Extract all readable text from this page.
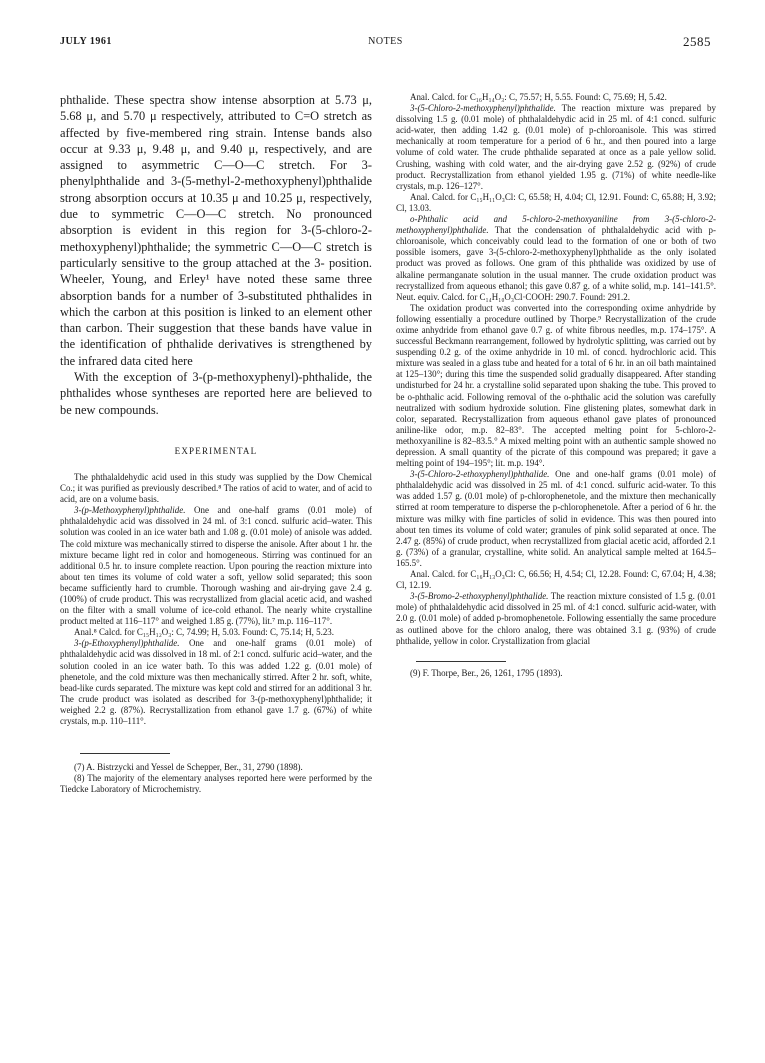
JULY 1961	NOTES	2585

phthalide. These spectra show intense absorption at 5.73 μ, 5.68 μ, and 5.70 μ respectively, attributed to C=O stretch as affected by five-membered ring strain. Intense bands also occur at 9.33 μ, 9.48 μ, and 9.40 μ, respectively, and are assigned to asymmetric C—O—C stretch. For 3-phenylphthalide and 3-(5-methyl-2-methoxyphenyl)phthalide strong absorption occurs at 10.35 μ and 10.25 μ, respectively, due to symmetric C—O—C stretch. No pronounced absorption is evident in this region for 3-(5-chloro-2-methoxyphenyl)phthalide; the symmetric C—O—C stretch is particularly sensitive to the group attached at the 3- position. Wheeler, Young, and Erley¹ have noted these same three absorption bands for a number of 3-substituted phthalides in which the carbon at this position is linked to an element other than carbon. Their suggestion that these bands have value in the identification of phthalide derivatives is strengthened by the infrared data cited here

With the exception of 3-(p-methoxyphenyl)-phthalide, the phthalides whose syntheses are reported here are believed to be new compounds.

EXPERIMENTAL

The phthalaldehydic acid used in this study was supplied by the Dow Chemical Co.; it was purified as previously described.⁸ The ratios of acid to water, and of acid to acid, are on a volume basis.

3-(p-Methoxyphenyl)phthalide. One and one-half grams (0.01 mole) of phthalaldehydic acid was dissolved in 24 ml. of 3:1 concd. sulfuric acid–water. This solution was cooled in an ice water bath and 1.08 g. (0.01 mole) of anisole was added. The cold mixture was mechanically stirred to disperse the anisole. After about 1 hr. the mixture became light red in color and homogeneous. Stirring was continued for an additional 0.5 hr. to insure complete reaction. Upon pouring the reaction mixture into about ten times its volume of cold water a soft, yellow solid separated; this soon became sufficiently hard to crumble. Thorough washing and air-drying gave 2.4 g. (100%) of crude product. This was recrystallized from glacial acetic acid, and washed on the filter with a small volume of ice-cold ethanol. The nearly white crystalline product melted at 116–117° and weighed 1.85 g. (77%), lit.⁷ m.p. 116–117°.

Anal.⁸ Calcd. for C₁₅H₁₂O₃: C, 74.99; H, 5.03. Found: C, 75.14; H, 5.23.

3-(p-Ethoxyphenyl)phthalide. One and one-half grams (0.01 mole) of phthalaldehydic acid was dissolved in 18 ml. of 2:1 concd. sulfuric acid–water, and the solution cooled in an ice water bath. To this was added 1.22 g. (0.01 mole) of phenetole, and the cold mixture was then mechanically stirred. After 2 hr. soft, white, bead-like curds separated. The mixture was kept cold and stirred for an additional 3 hr. The crude product was isolated as described for 3-(p-methoxyphenyl)phthalide; it weighed 2.2 g. (87%). Recrystallization from ethanol gave 1.7 g. (67%) of white crystals, m.p. 110–111°.

(7) A. Bistrzycki and Yessel de Schepper, Ber., 31, 2790 (1898).

(8) The majority of the elementary analyses reported here were performed by the Tiedcke Laboratory of Microchemistry.

Anal. Calcd. for C₁₆H₁₄O₃: C, 75.57; H, 5.55. Found: C, 75.69; H, 5.42.

3-(5-Chloro-2-methoxyphenyl)phthalide. The reaction mixture was prepared by dissolving 1.5 g. (0.01 mole) of phthalaldehydic acid in 25 ml. of 4:1 concd. sulfuric acid-water, then adding 1.42 g. (0.01 mole) of p-chloroanisole. This was stirred mechanically at room temperature for a period of 6 hr., and then poured into a large volume of cold water. The crude phthalide separated at once as a pale yellow solid. Crushing, washing with cold water, and the air-drying gave 2.52 g. (92%) of crude product. Recrystallization from ethanol yielded 1.95 g. (71%) of white needle-like crystals, m.p. 126–127°.

Anal. Calcd. for C₁₅H₁₁O₃Cl: C, 65.58; H, 4.04; Cl, 12.91. Found: C, 65.88; H, 3.92; Cl, 13.03.

o-Phthalic acid and 5-chloro-2-methoxyaniline from 3-(5-chloro-2-methoxyphenyl)phthalide. That the condensation of phthalaldehydic acid with p-chloroanisole, which conceivably could lead to the formation of one or both of two possible isomers, gave 3-(5-chloro-2-methoxyphenyl)phthalide as the only isolated product was proved as follows. One gram of this phthalide was oxidized by use of alkaline permanganate solution in the usual manner. The crude oxidation product was recrystallized from aqueous ethanol; this gave 0.87 g. of a white solid, m.p. 141–141.5°. Neut. equiv. Calcd. for C₁₄H₁₀O₃Cl·COOH: 290.7. Found: 291.2.

The oxidation product was converted into the corresponding oxime anhydride by following essentially a procedure outlined by Thorpe.⁹ Recrystallization of the crude oxime anhydride from ethanol gave 0.7 g. of white fibrous needles, m.p. 174–175°. A successful Beckmann rearrangement, followed by hydrolytic splitting, was carried out by suspending 0.2 g. of the oxime anhydride in 10 ml. of concd. hydrochloric acid. This mixture was sealed in a glass tube and heated for a total of 6 hr. in an oil bath maintained at 125–130°; during this time the suspended solid gradually disappeared. After standing undisturbed for 24 hr. a crystalline solid separated upon shaking the tube. This proved to be o-phthalic acid. Following removal of the o-phthalic acid the solution was carefully neutralized with sodium hydroxide solution. Fine glistening plates, somewhat dark in color, separated. Recrystallization from aqueous ethanol gave plates of pronounced aniline-like odor, m.p. 82–83°. The accepted melting point for 5-chloro-2-methoxyaniline is 82–83.5.° A mixed melting point with an authentic sample showed no depression. A small quantity of the picrate of this compound was prepared; it gave a melting point of 194–195°; lit. m.p. 194°.

3-(5-Chloro-2-ethoxyphenyl)phthalide. One and one-half grams (0.01 mole) of phthalaldehydic acid was dissolved in 25 ml. of 4:1 concd. sulfuric acid-water. To this was added 1.57 g. (0.01 mole) of p-chlorophenetole, and the mixture then mechanically stirred at room temperature to disperse the p-chlorophenetole. After a period of 6 hr. the mixture was milky with fine particles of solid in evidence. This was then poured into about ten times its volume of cold water; granules of pink solid separated at once. The 2.47 g. (85%) of crude product, when recrystallized from glacial acetic acid, afforded 2.1 g. (73%) of a granular, crystalline, white solid. An analytical sample melted at 164.5–165.5°.

Anal. Calcd. for C₁₆H₁₃O₃Cl: C, 66.56; H, 4.54; Cl, 12.28. Found: C, 67.04; H, 4.38; Cl, 12.19.

3-(5-Bromo-2-ethoxyphenyl)phthalide. The reaction mixture consisted of 1.5 g. (0.01 mole) of phthalaldehydic acid dissolved in 25 ml. of 4:1 concd. sulfuric acid-water, with 2.0 g. (0.01 mole) of added p-bromophenetole. Following essentially the same procedure as outlined above for the chloro analog, there was obtained 3.1 g. (93%) of crude phthalide, yellow in color. Crystallization from glacial

(9) F. Thorpe, Ber., 26, 1261, 1795 (1893).
